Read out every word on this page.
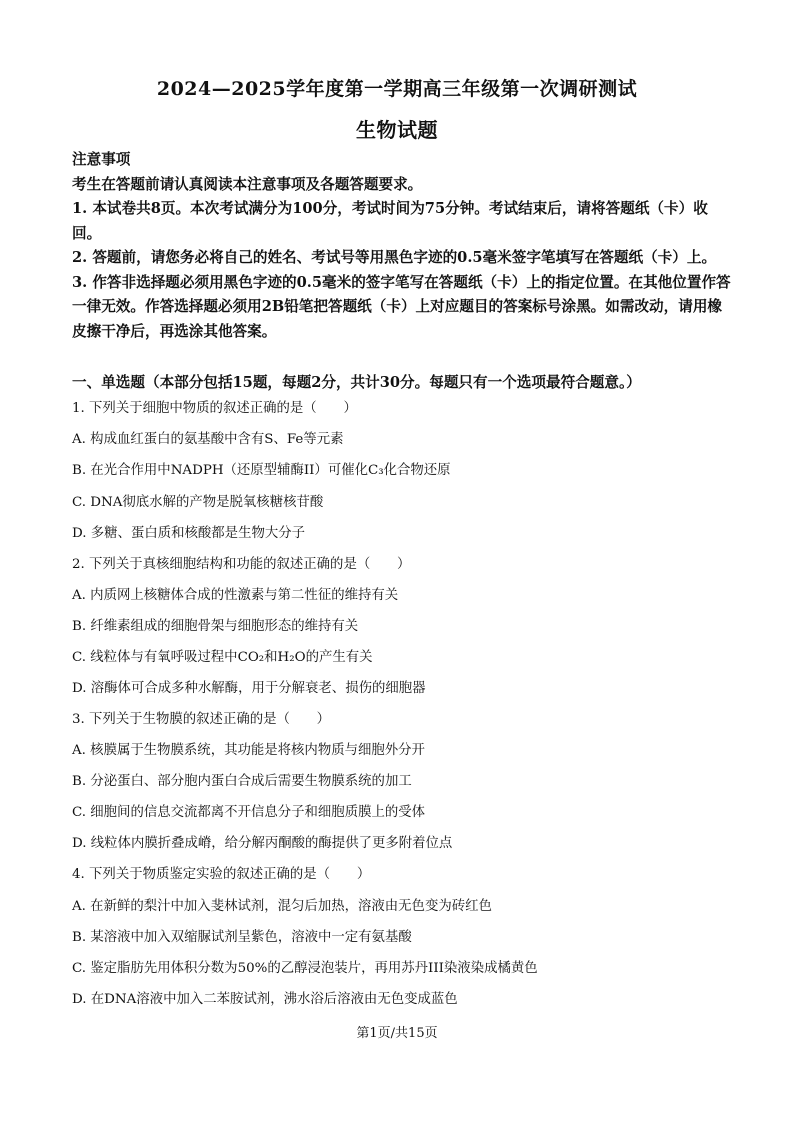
2024—2025学年度第一学期高三年级第一次调研测试
生物试题

注意事项

考生在答题前请认真阅读本注意事项及各题答题要求。

1. 本试卷共8页。本次考试满分为100分，考试时间为75分钟。考试结束后，请将答题纸（卡）收回。

2. 答题前，请您务必将自己的姓名、考试号等用黑色字迹的0.5毫米签字笔填写在答题纸（卡）上。

3. 作答非选择题必须用黑色字迹的0.5毫米的签字笔写在答题纸（卡）上的指定位置。在其他位置作答一律无效。作答选择题必须用2B铅笔把答题纸（卡）上对应题目的答案标号涂黑。如需改动，请用橡皮擦干净后，再选涂其他答案。

一、单选题（本部分包括15题，每题2分，共计30分。每题只有一个选项最符合题意。）
1. 下列关于细胞中物质的叙述正确的是（　　）
A. 构成血红蛋白的氨基酸中含有S、Fe等元素
B. 在光合作用中NADPH（还原型辅酶II）可催化C₃化合物还原
C. DNA彻底水解的产物是脱氧核糖核苷酸
D. 多糖、蛋白质和核酸都是生物大分子
2. 下列关于真核细胞结构和功能的叙述正确的是（　　）
A. 内质网上核糖体合成的性激素与第二性征的维持有关
B. 纤维素组成的细胞骨架与细胞形态的维持有关
C. 线粒体与有氧呼吸过程中CO₂和H₂O的产生有关
D. 溶酶体可合成多种水解酶，用于分解衰老、损伤的细胞器
3. 下列关于生物膜的叙述正确的是（　　）
A. 核膜属于生物膜系统，其功能是将核内物质与细胞外分开
B. 分泌蛋白、部分胞内蛋白合成后需要生物膜系统的加工
C. 细胞间的信息交流都离不开信息分子和细胞质膜上的受体
D. 线粒体内膜折叠成嵴，给分解丙酮酸的酶提供了更多附着位点
4. 下列关于物质鉴定实验的叙述正确的是（　　）
A. 在新鲜的梨汁中加入斐林试剂，混匀后加热，溶液由无色变为砖红色
B. 某溶液中加入双缩脲试剂呈紫色，溶液中一定有氨基酸
C. 鉴定脂肪先用体积分数为50%的乙醇浸泡装片，再用苏丹III染液染成橘黄色
D. 在DNA溶液中加入二苯胺试剂，沸水浴后溶液由无色变成蓝色
第1页/共15页
